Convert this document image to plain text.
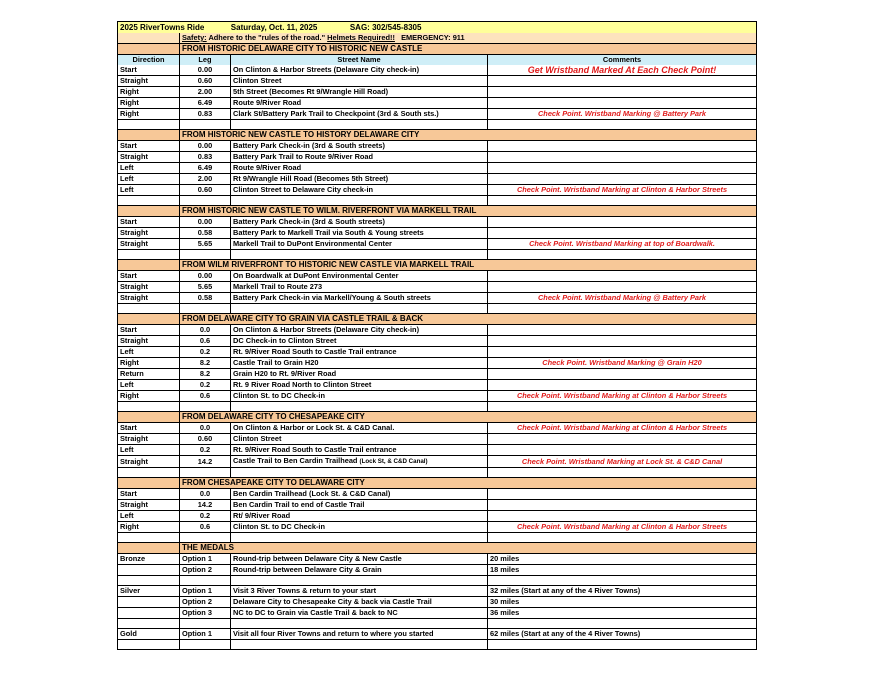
2025 RiverTowns Ride Saturday, Oct. 11, 2025 SAG: 302/545-8305			
	Safety: Adhere to the "rules of the road." Helmets Required!! EMERGENCY: 911		
	FROM HISTORIC DELAWARE CITY TO HISTORIC NEW CASTLE		
Direction	Leg	Street Name	Comments
Start	0.00	On Clinton & Harbor Streets (Delaware City check-in)	Get Wristband Marked At Each Check Point!
Straight	0.60	Clinton Street	
Right	2.00	5th Street (Becomes Rt 9/Wrangle Hill Road)	
Right	6.49	Route 9/River Road	
Right	0.83	Clark St/Battery Park Trail to Checkpoint (3rd & South sts.)	Check Point. Wristband Marking @ Battery Park

	FROM HISTORIC NEW CASTLE TO HISTORY DELAWARE CITY		
Start	0.00	Battery Park Check-in (3rd & South streets)	
Straight	0.83	Battery Park Trail to Route 9/River Road	
Left	6.49	Route 9/River Road	
Left	2.00	Rt 9/Wrangle Hill Road (Becomes 5th Street)	
Left	0.60	Clinton Street to Delaware City check-in	Check Point. Wristband Marking at Clinton & Harbor Streets

	FROM HISTORIC NEW CASTLE TO WILM. RIVERFRONT VIA MARKELL TRAIL		
Start	0.00	Battery Park Check-in (3rd & South streets)	
Straight	0.58	Battery Park to Markell Trail via South & Young streets	
Straight	5.65	Markell Trail to DuPont Environmental Center	Check Point. Wristband Marking at top of Boardwalk.

	FROM WILM RIVERFRONT TO HISTORIC NEW CASTLE VIA MARKELL TRAIL		
Start	0.00	On Boardwalk at DuPont Environmental Center	
Straight	5.65	Markell Trail to Route 273	
Straight	0.58	Battery Park Check-in via Markell/Young & South streets	Check Point. Wristband Marking @ Battery Park

	FROM DELAWARE CITY TO GRAIN VIA CASTLE TRAIL & BACK		
Start	0.0	On Clinton & Harbor Streets (Delaware City check-in)	
Straight	0.6	DC Check-in to Clinton Street	
Left	0.2	Rt. 9/River Road South to Castle Trail entrance	
Right	8.2	Castle Trail to Grain H20	Check Point. Wristband Marking @ Grain H20
Return	8.2	Grain H20 to Rt. 9/River Road	
Left	0.2	Rt. 9 River Road North to Clinton Street	
Right	0.6	Clinton St. to DC Check-in	Check Point. Wristband Marking at Clinton & Harbor Streets

	FROM DELAWARE CITY TO CHESAPEAKE CITY		
Start	0.0	On Clinton & Harbor or Lock St. & C&D Canal.	Check Point. Wristband Marking at Clinton & Harbor Streets
Straight	0.60	Clinton Street	
Left	0.2	Rt. 9/River Road South to Castle Trail entrance	
Straight	14.2	Castle Trail to Ben Cardin Trailhead (Lock St, & C&D Canal)	Check Point. Wristband Marking at Lock St. & C&D Canal

	FROM CHESAPEAKE CITY TO DELAWARE CITY		
Start	0.0	Ben Cardin Trailhead (Lock St. & C&D Canal)	
Straight	14.2	Ben Cardin Trail to end of Castle Trail	
Left	0.2	Rt/ 9/River Road	
Right	0.6	Clinton St. to DC Check-in	Check Point. Wristband Marking at Clinton & Harbor Streets

	THE MEDALS		
Bronze	Option 1	Round-trip between Delaware City & New Castle	20 miles
	Option 2	Round-trip between Delaware City & Grain	18 miles

Silver	Option 1	Visit 3 River Towns & return to your start	32 miles (Start at any of the 4 River Towns)
	Option 2	Delaware City to Chesapeake City & back via Castle Trail	30 miles
	Option 3	NC to DC to Grain via Castle Trail & back to NC	36 miles

Gold	Option 1	Visit all four River Towns and return to where you started	62 miles (Start at any of the 4 River Towns)
